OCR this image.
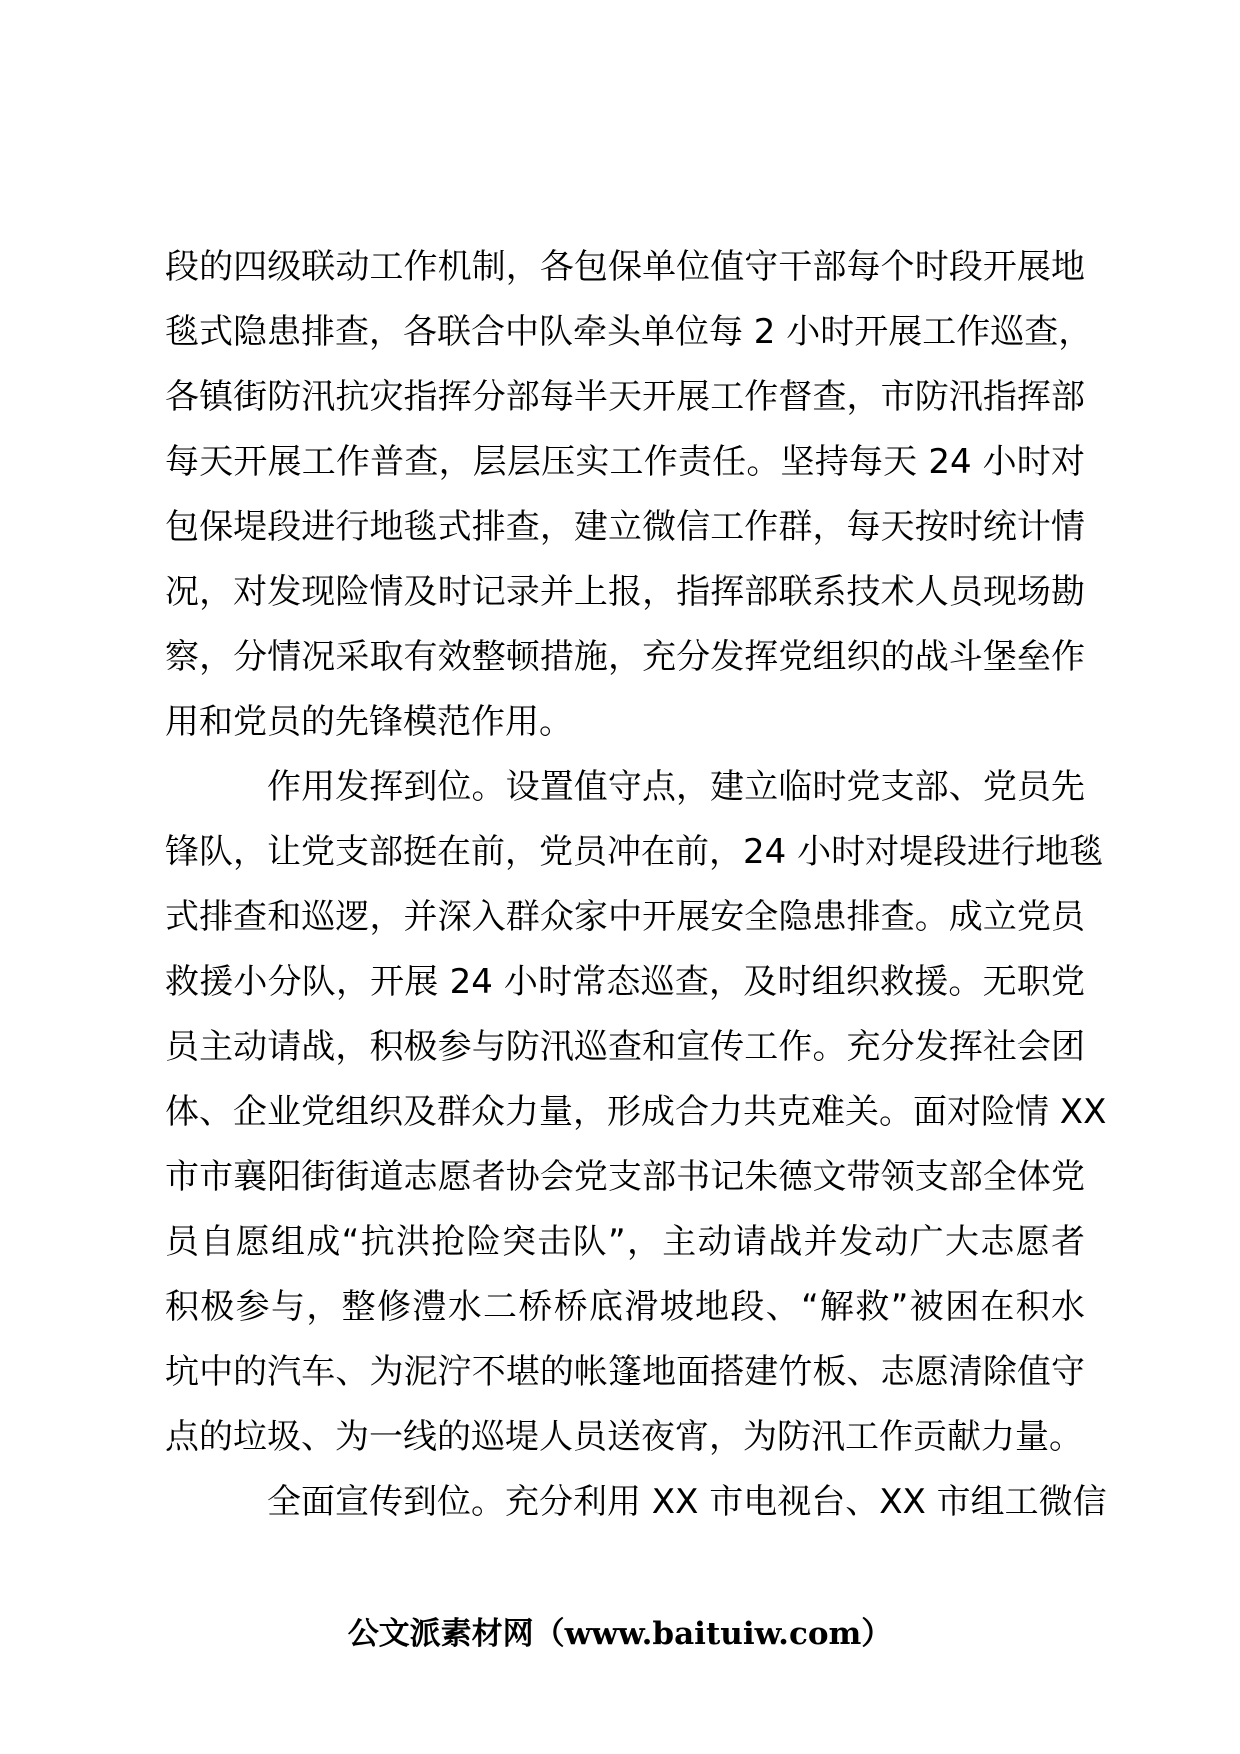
段的四级联动工作机制，各包保单位值守干部每个时段开展地
毯式隐患排查，各联合中队牵头单位每 2 小时开展工作巡查，
各镇街防汛抗灾指挥分部每半天开展工作督查，市防汛指挥部
每天开展工作普查，层层压实工作责任。坚持每天 24 小时对
包保堤段进行地毯式排查，建立微信工作群，每天按时统计情
况，对发现险情及时记录并上报，指挥部联系技术人员现场勘
察，分情况采取有效整顿措施，充分发挥党组织的战斗堡垒作
用和党员的先锋模范作用。
作用发挥到位。设置值守点，建立临时党支部、党员先
锋队，让党支部挺在前，党员冲在前，24 小时对堤段进行地毯
式排查和巡逻，并深入群众家中开展安全隐患排查。成立党员
救援小分队，开展 24 小时常态巡查，及时组织救援。无职党
员主动请战，积极参与防汛巡查和宣传工作。充分发挥社会团
体、企业党组织及群众力量，形成合力共克难关。面对险情 XX
市市襄阳街街道志愿者协会党支部书记朱德文带领支部全体党
员自愿组成“抗洪抢险突击队”，主动请战并发动广大志愿者
积极参与，整修澧水二桥桥底滑坡地段、“解救”被困在积水
坑中的汽车、为泥泞不堪的帐篷地面搭建竹板、志愿清除值守
点的垃圾、为一线的巡堤人员送夜宵，为防汛工作贡献力量。
全面宣传到位。充分利用 XX 市电视台、XX 市组工微信
公文派素材网（www.baituiw.com）
